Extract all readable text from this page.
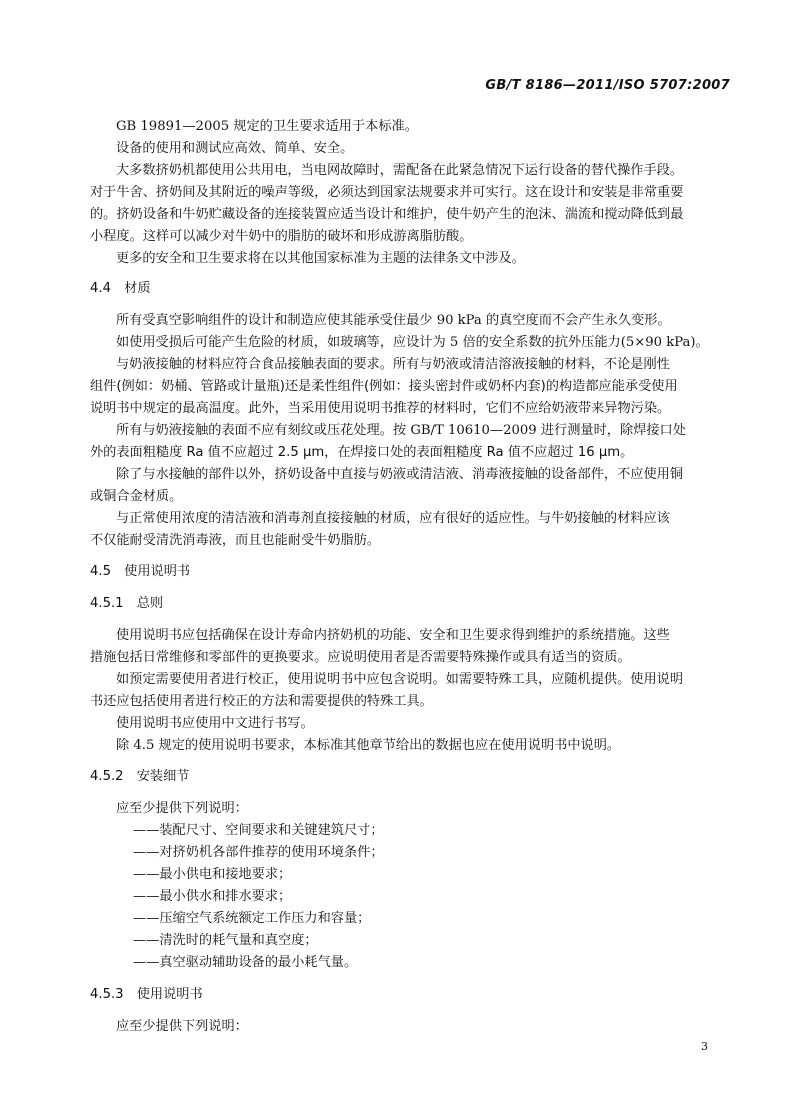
GB/T 8186—2011/ISO 5707:2007
GB 19891—2005 规定的卫生要求适用于本标准。
设备的使用和测试应高效、简单、安全。
大多数挤奶机都使用公共用电，当电网故障时，需配备在此紧急情况下运行设备的替代操作手段。
对于牛舍、挤奶间及其附近的噪声等级，必须达到国家法规要求并可实行。这在设计和安装是非常重要
的。挤奶设备和牛奶贮藏设备的连接装置应适当设计和维护，使牛奶产生的泡沫、湍流和搅动降低到最
小程度。这样可以减少对牛奶中的脂肪的破坏和形成游离脂肪酸。
更多的安全和卫生要求将在以其他国家标准为主题的法律条文中涉及。
4.4　材质
所有受真空影响组件的设计和制造应使其能承受住最少 90 kPa 的真空度而不会产生永久变形。
如使用受损后可能产生危险的材质，如玻璃等，应设计为 5 倍的安全系数的抗外压能力(5×90 kPa)。
与奶液接触的材料应符合食品接触表面的要求。所有与奶液或清洁溶液接触的材料，不论是刚性
组件(例如：奶桶、管路或计量瓶)还是柔性组件(例如：接头密封件或奶杯内套)的构造都应能承受使用
说明书中规定的最高温度。此外，当采用使用说明书推荐的材料时，它们不应给奶液带来异物污染。
所有与奶液接触的表面不应有刻纹或压花处理。按 GB/T 10610—2009 进行测量时，除焊接口处
外的表面粗糙度 Ra 值不应超过 2.5 μm，在焊接口处的表面粗糙度 Ra 值不应超过 16 μm。
除了与水接触的部件以外，挤奶设备中直接与奶液或清洁液、消毒液接触的设备部件，不应使用铜
或铜合金材质。
与正常使用浓度的清洁液和消毒剂直接接触的材质，应有很好的适应性。与牛奶接触的材料应该
不仅能耐受清洗消毒液，而且也能耐受牛奶脂肪。
4.5　使用说明书
4.5.1　总则
使用说明书应包括确保在设计寿命内挤奶机的功能、安全和卫生要求得到维护的系统措施。这些
措施包括日常维修和零部件的更换要求。应说明使用者是否需要特殊操作或具有适当的资质。
如预定需要使用者进行校正，使用说明书中应包含说明。如需要特殊工具，应随机提供。使用说明
书还应包括使用者进行校正的方法和需要提供的特殊工具。
使用说明书应使用中文进行书写。
除 4.5 规定的使用说明书要求，本标准其他章节给出的数据也应在使用说明书中说明。
4.5.2　安装细节
应至少提供下列说明：
——装配尺寸、空间要求和关键建筑尺寸；
——对挤奶机各部件推荐的使用环境条件；
——最小供电和接地要求；
——最小供水和排水要求；
——压缩空气系统额定工作压力和容量；
——清洗时的耗气量和真空度；
——真空驱动辅助设备的最小耗气量。
4.5.3　使用说明书
应至少提供下列说明：
3
